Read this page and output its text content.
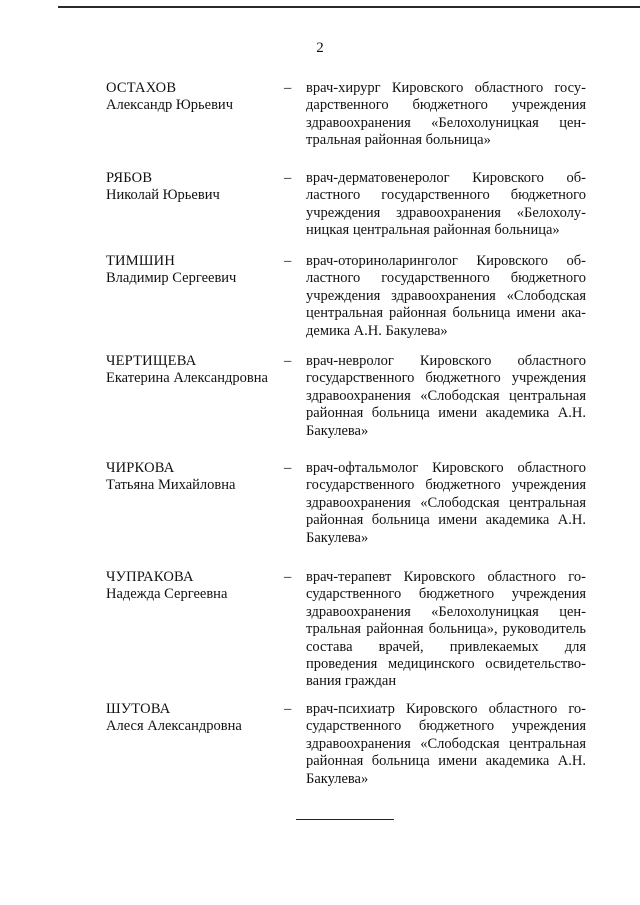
2
ОСТАХОВ
Александр Юрьевич
– врач-хирург Кировского областного государственного бюджетного учреждения здравоохранения «Белохолуницкая центральная районная больница»
РЯБОВ
Николай Юрьевич
– врач-дерматовенеролог Кировского областного государственного бюджетного учреждения здравоохранения «Белохолуницкая центральная районная больница»
ТИМШИН
Владимир Сергеевич
– врач-оториноларинголог Кировского областного государственного бюджетного учреждения здравоохранения «Слободская центральная районная больница имени академика А.Н. Бакулева»
ЧЕРТИЩЕВА
Екатерина Александровна
– врач-невролог Кировского областного государственного бюджетного учреждения здравоохранения «Слободская центральная районная больница имени академика А.Н. Бакулева»
ЧИРКОВА
Татьяна Михайловна
– врач-офтальмолог Кировского областного государственного бюджетного учреждения здравоохранения «Слободская центральная районная больница имени академика А.Н. Бакулева»
ЧУПРАКОВА
Надежда Сергеевна
– врач-терапевт Кировского областного государственного бюджетного учреждения здравоохранения «Белохолуницкая центральная районная больница», руководитель состава врачей, привлекаемых для проведения медицинского освидетельствования граждан
ШУТОВА
Алеся Александровна
– врач-психиатр Кировского областного государственного бюджетного учреждения здравоохранения «Слободская центральная районная больница имени академика А.Н. Бакулева»
